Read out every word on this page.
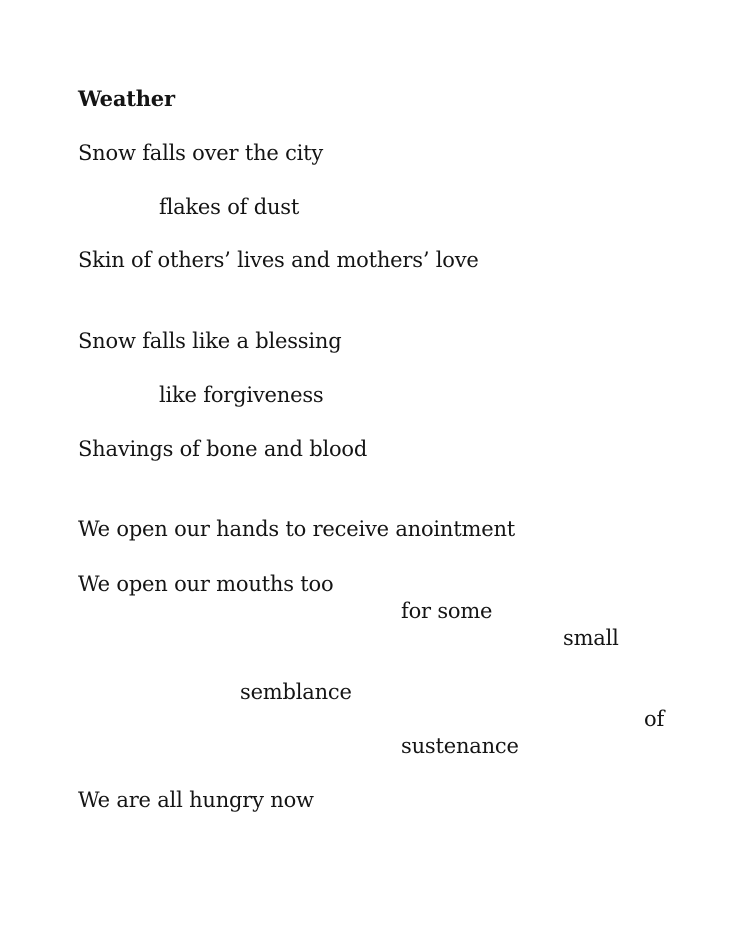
Weather
Snow falls over the city
flakes of dust
Skin of others’ lives and mothers’ love
Snow falls like a blessing
like forgiveness
Shavings of bone and blood
We open our hands to receive anointment
We open our mouths too
for some
small
semblance
of
sustenance
We are all hungry now
